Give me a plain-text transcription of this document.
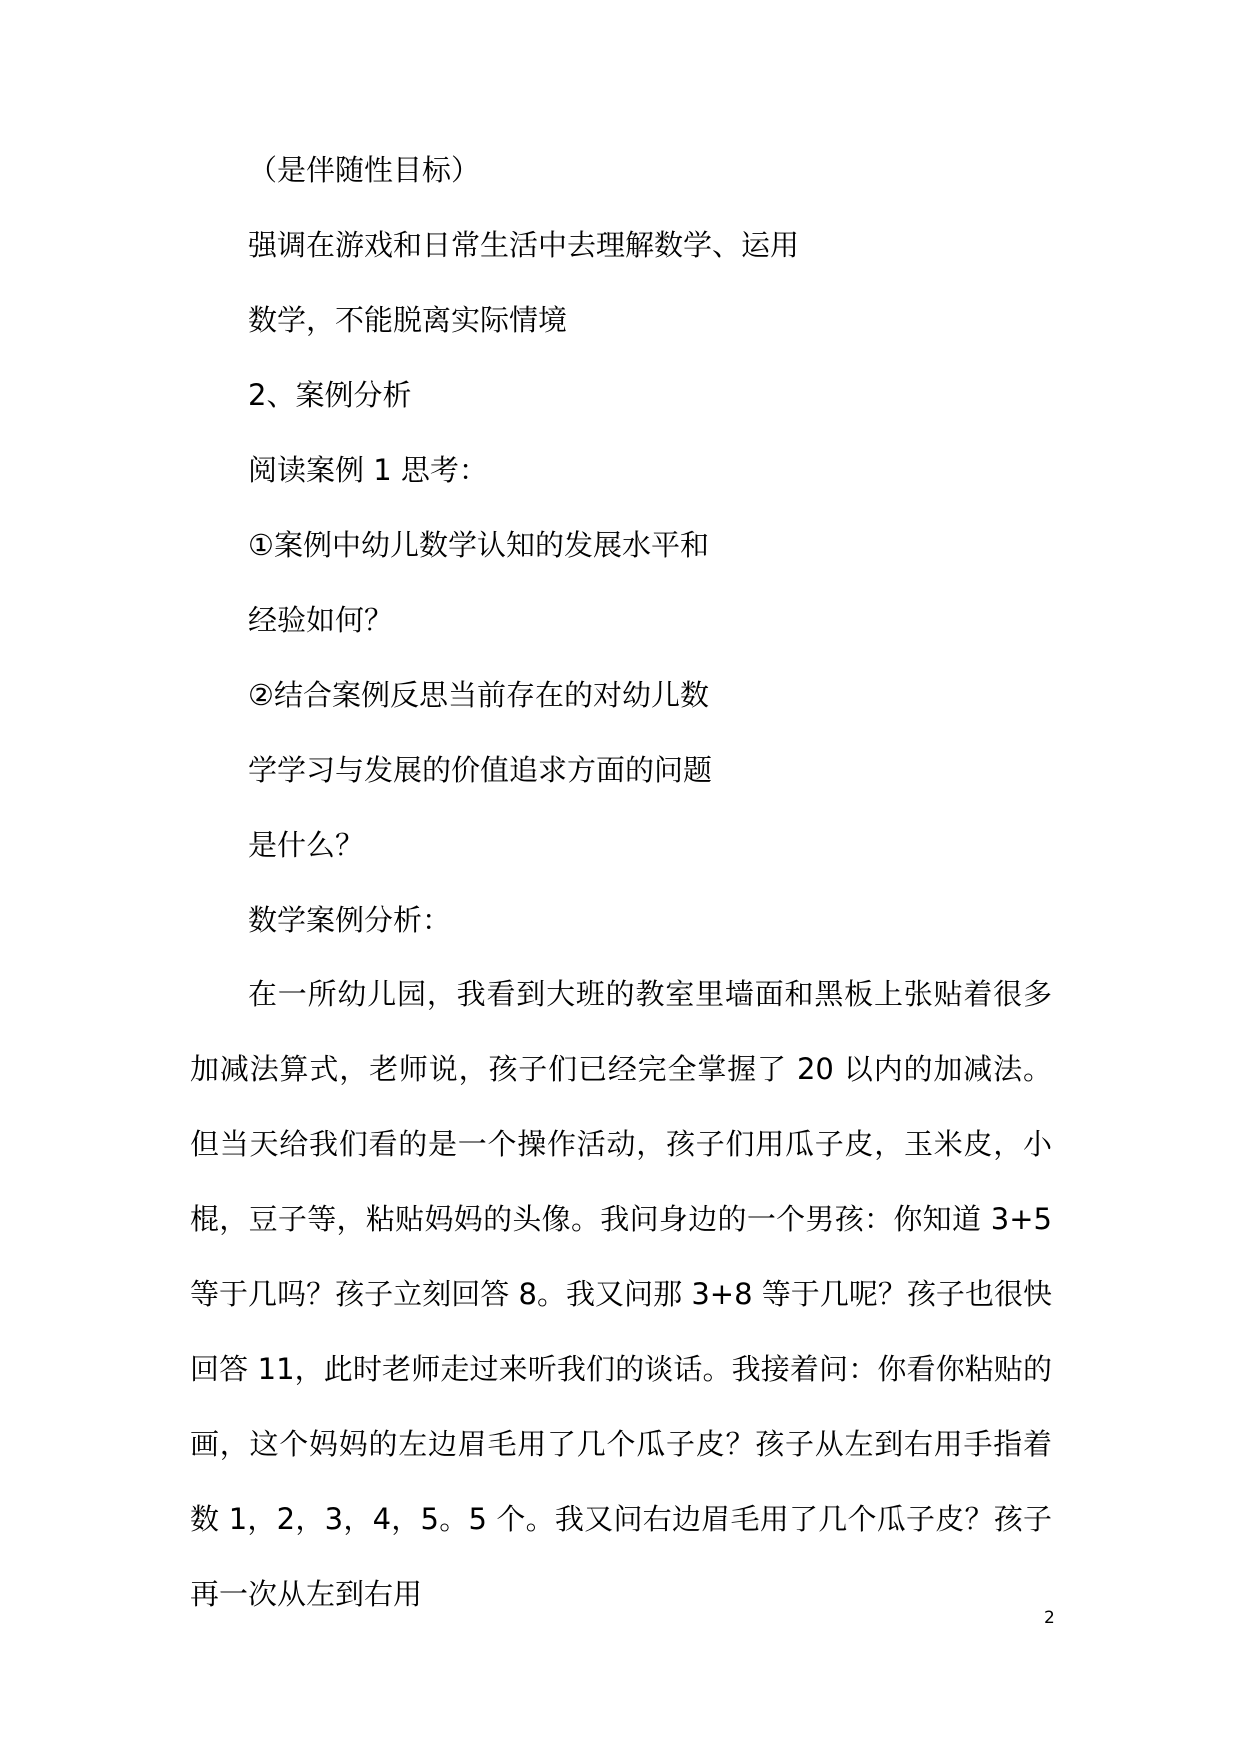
（是伴随性目标）
强调在游戏和日常生活中去理解数学、运用
数学，不能脱离实际情境
2、案例分析
阅读案例 1 思考：
①案例中幼儿数学认知的发展水平和
经验如何？
②结合案例反思当前存在的对幼儿数
学学习与发展的价值追求方面的问题
是什么？
数学案例分析：
在一所幼儿园，我看到大班的教室里墙面和黑板上张贴着很多加减法算式，老师说，孩子们已经完全掌握了 20 以内的加减法。但当天给我们看的是一个操作活动，孩子们用瓜子皮，玉米皮，小棍，豆子等，粘贴妈妈的头像。我问身边的一个男孩：你知道 3+5 等于几吗？孩子立刻回答 8。我又问那 3+8 等于几呢？孩子也很快回答 11，此时老师走过来听我们的谈话。我接着问：你看你粘贴的画，这个妈妈的左边眉毛用了几个瓜子皮？孩子从左到右用手指着数 1，2，3，4，5。5 个。我又问右边眉毛用了几个瓜子皮？孩子再一次从左到右用
2
